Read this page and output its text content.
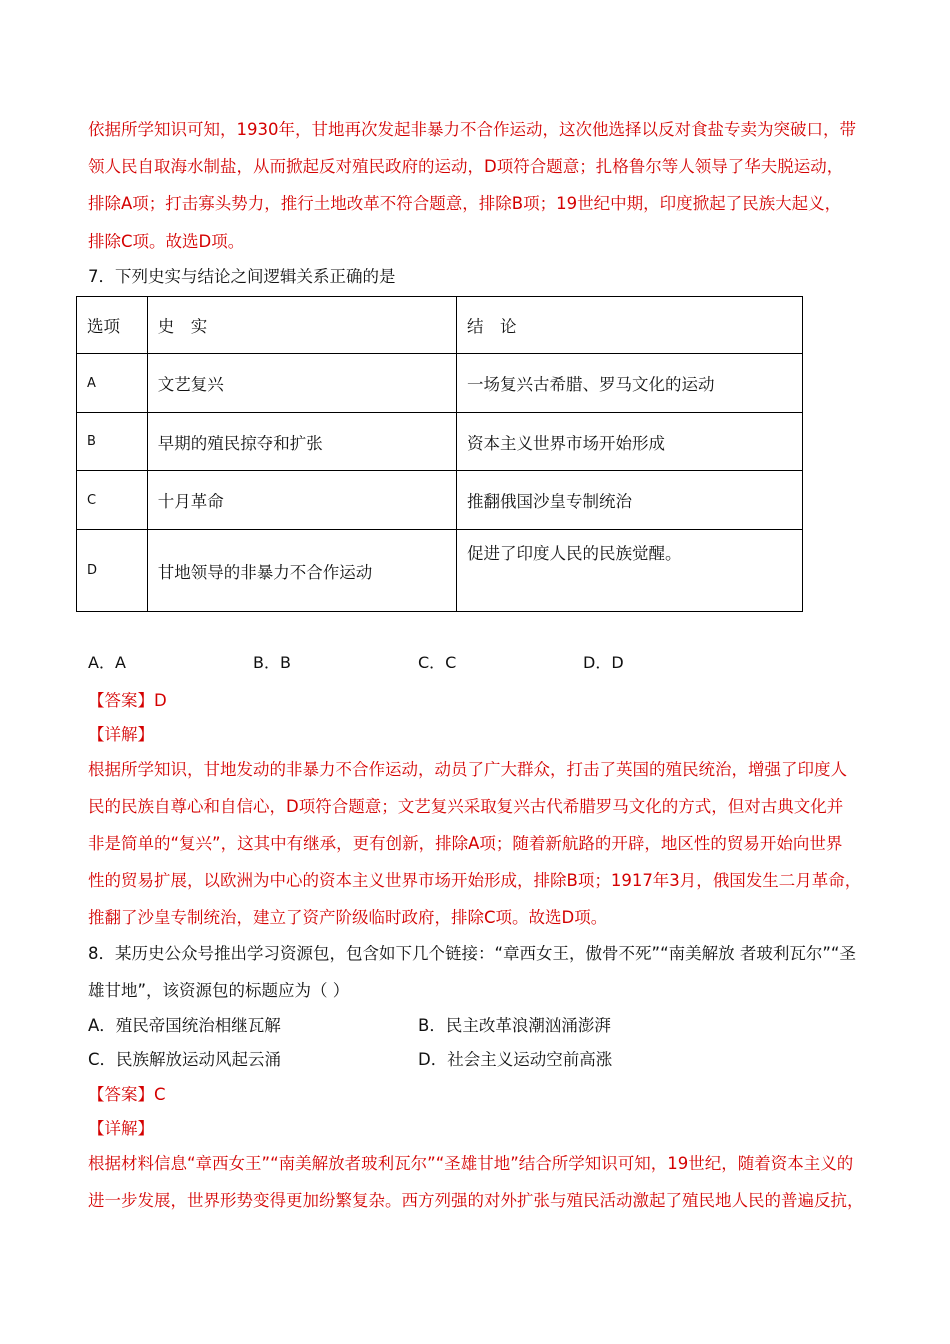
依据所学知识可知，1930年，甘地再次发起非暴力不合作运动，这次他选择以反对食盐专卖为突破口，带
领人民自取海水制盐，从而掀起反对殖民政府的运动，D项符合题意；扎格鲁尔等人领导了华夫脱运动，
排除A项；打击寡头势力，推行土地改革不符合题意，排除B项；19世纪中期，印度掀起了民族大起义，
排除C项。故选D项。
7．下列史实与结论之间逻辑关系正确的是
选项	史　实	结　论
A	文艺复兴	一场复兴古希腊、罗马文化的运动
B	早期的殖民掠夺和扩张	资本主义世界市场开始形成
C	十月革命	推翻俄国沙皇专制统治
D	甘地领导的非暴力不合作运动	促进了印度人民的民族觉醒。
A．A	B．B	C．C	D．D
【答案】D
【详解】
根据所学知识，甘地发动的非暴力不合作运动，动员了广大群众，打击了英国的殖民统治，增强了印度人
民的民族自尊心和自信心，D项符合题意；文艺复兴采取复兴古代希腊罗马文化的方式，但对古典文化并
非是简单的“复兴”，这其中有继承，更有创新，排除A项；随着新航路的开辟，地区性的贸易开始向世界
性的贸易扩展，以欧洲为中心的资本主义世界市场开始形成，排除B项；1917年3月，俄国发生二月革命，
推翻了沙皇专制统治，建立了资产阶级临时政府，排除C项。故选D项。
8．某历史公众号推出学习资源包，包含如下几个链接：“章西女王，傲骨不死”“南美解放 者玻利瓦尔”“圣
雄甘地”，该资源包的标题应为（ ）
A．殖民帝国统治相继瓦解	B．民主改革浪潮汹涌澎湃
C．民族解放运动风起云涌	D．社会主义运动空前高涨
【答案】C
【详解】
根据材料信息“章西女王”“南美解放者玻利瓦尔”“圣雄甘地”结合所学知识可知，19世纪，随着资本主义的
进一步发展，世界形势变得更加纷繁复杂。西方列强的对外扩张与殖民活动激起了殖民地人民的普遍反抗，
